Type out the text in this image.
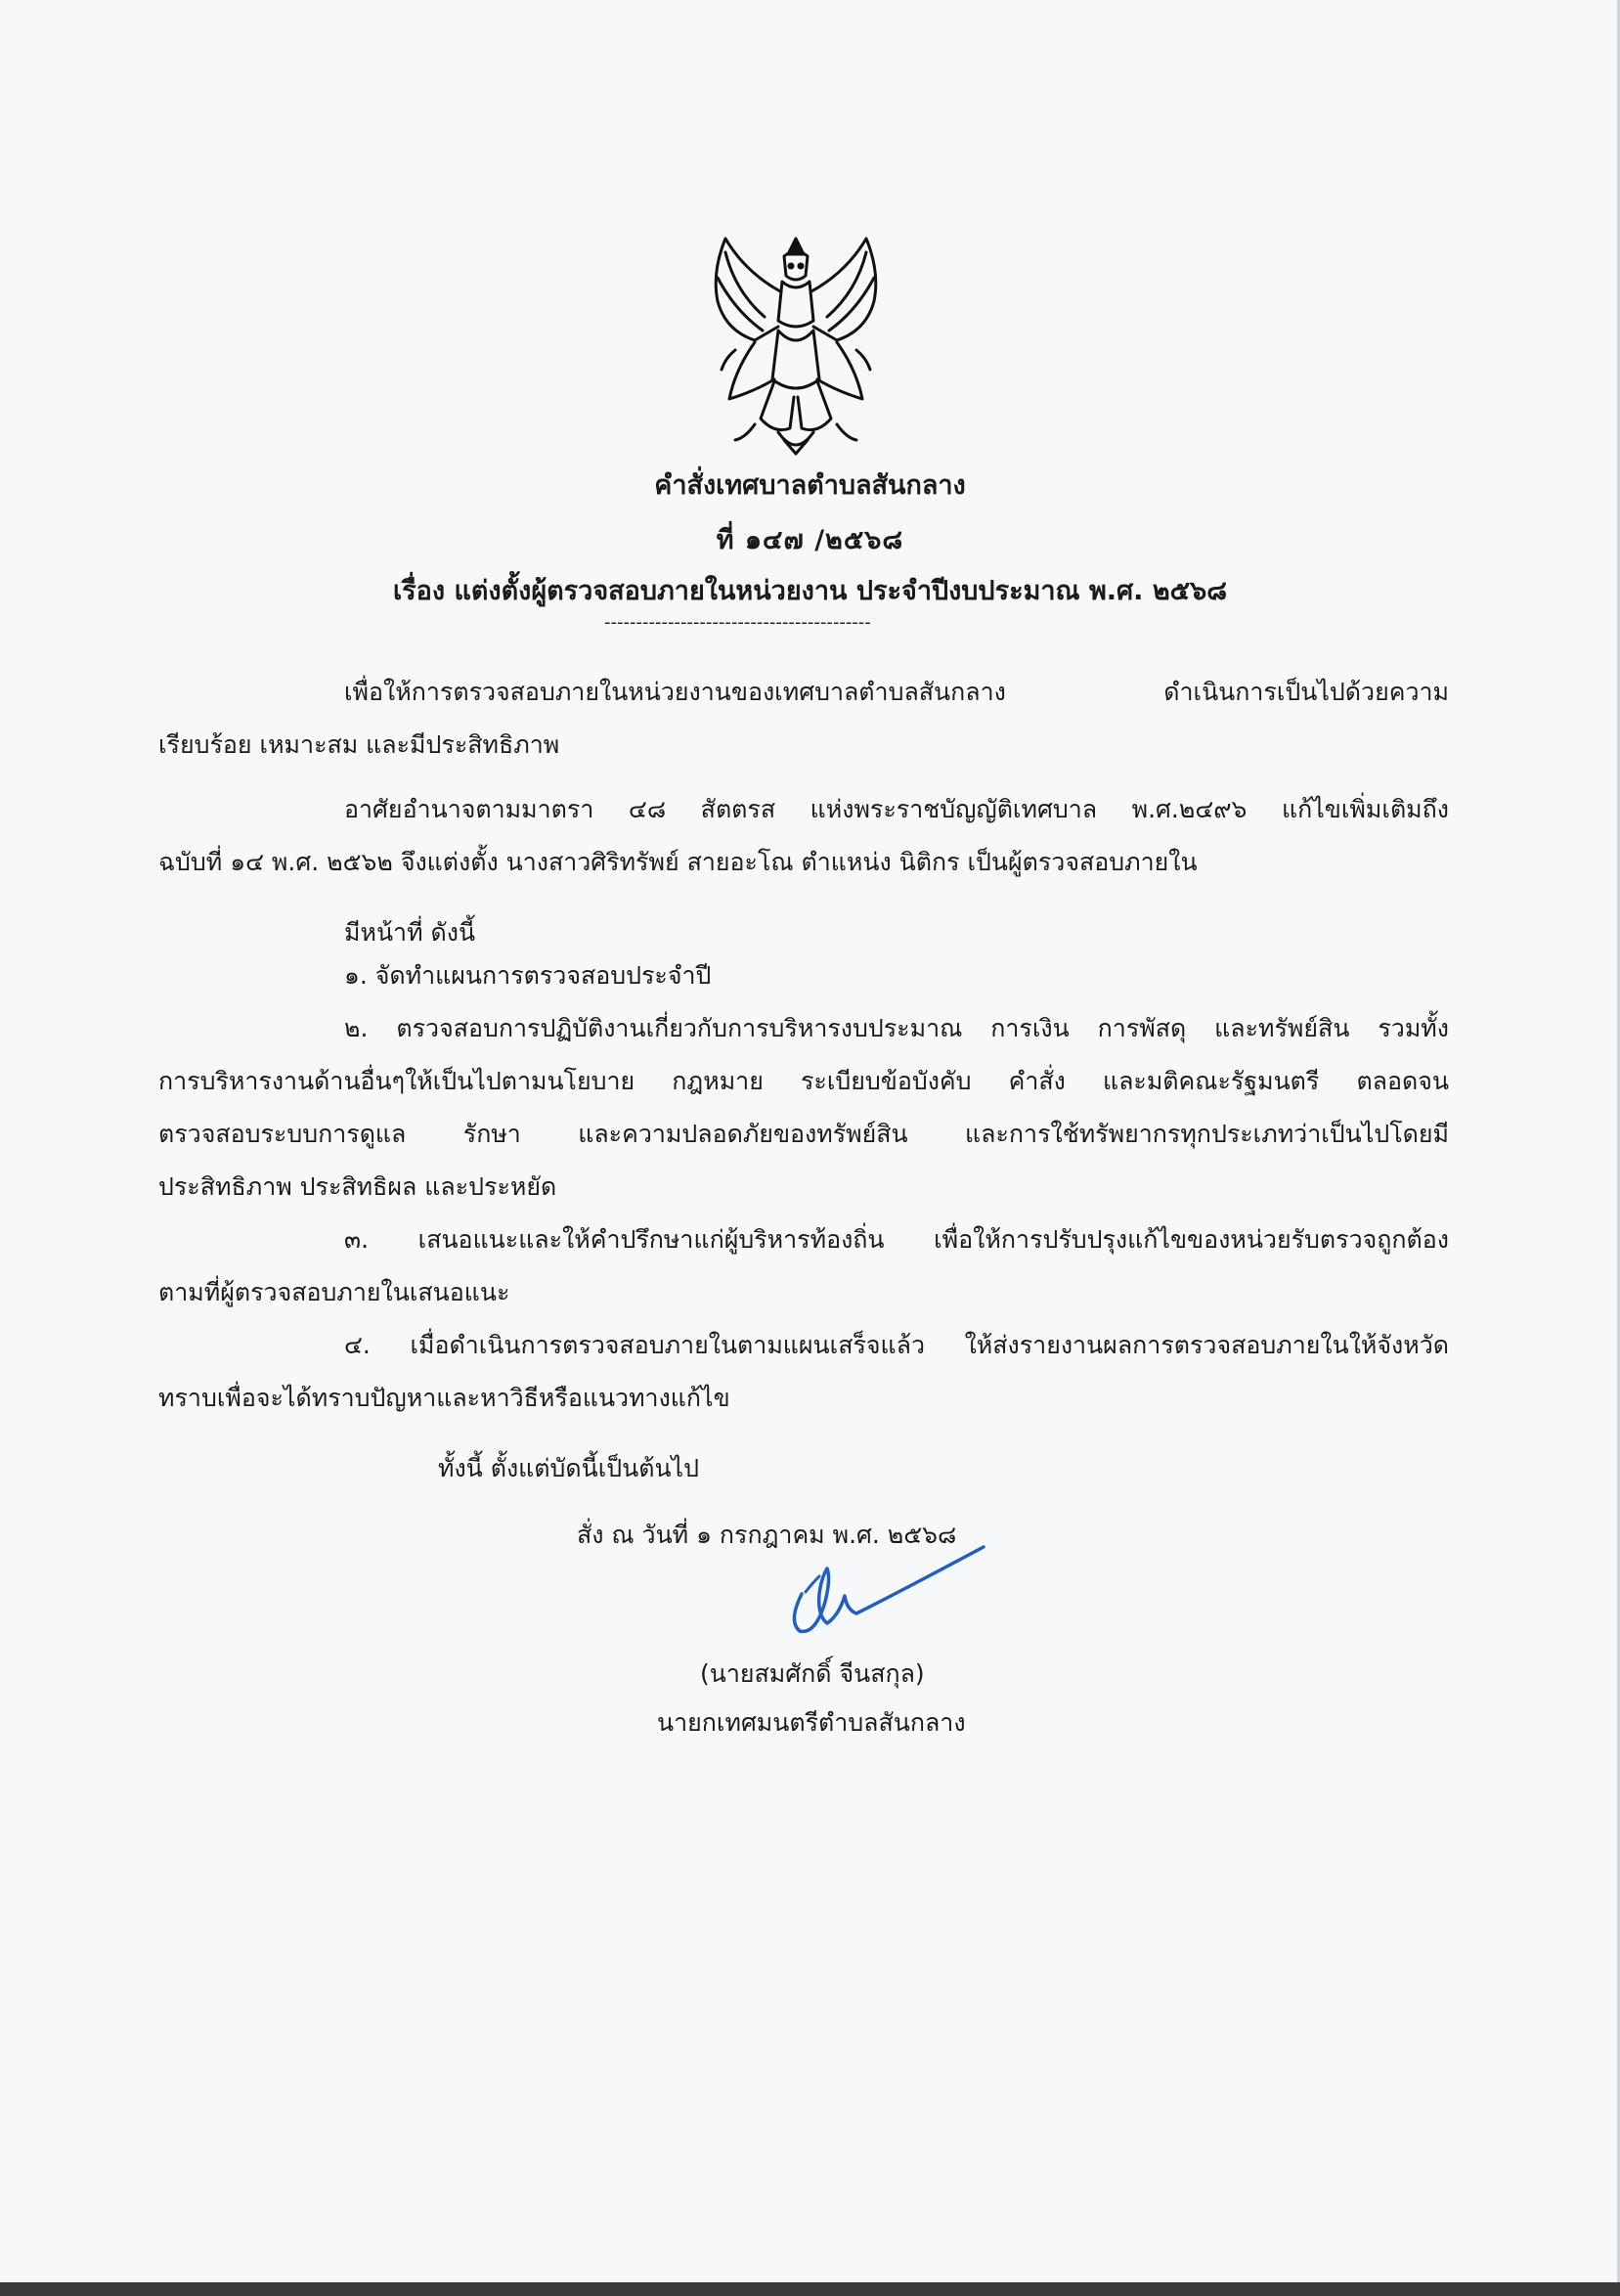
คำสั่งเทศบาลตำบลสันกลาง
ที่ ๑๔๗ /๒๕๖๘
เรื่อง แต่งตั้งผู้ตรวจสอบภายในหน่วยงาน ประจำปีงบประมาณ พ.ศ. ๒๕๖๘
------------------------------------------
เพื่อให้การตรวจสอบภายในหน่วยงานของเทศบาลตำบลสันกลาง ดำเนินการเป็นไปด้วยความ
เรียบร้อย เหมาะสม และมีประสิทธิภาพ
อาศัยอำนาจตามมาตรา ๔๘ สัตตรส แห่งพระราชบัญญัติเทศบาล พ.ศ.๒๔๙๖ แก้ไขเพิ่มเติมถึง
ฉบับที่ ๑๔ พ.ศ. ๒๕๖๒ จึงแต่งตั้ง นางสาวศิริทรัพย์ สายอะโณ ตำแหน่ง นิติกร เป็นผู้ตรวจสอบภายใน
มีหน้าที่ ดังนี้
๑. จัดทำแผนการตรวจสอบประจำปี
๒. ตรวจสอบการปฏิบัติงานเกี่ยวกับการบริหารงบประมาณ การเงิน การพัสดุ และทรัพย์สิน รวมทั้ง
การบริหารงานด้านอื่นๆให้เป็นไปตามนโยบาย กฎหมาย ระเบียบข้อบังคับ คำสั่ง และมติคณะรัฐมนตรี ตลอดจน
ตรวจสอบระบบการดูแล รักษา และความปลอดภัยของทรัพย์สิน และการใช้ทรัพยากรทุกประเภทว่าเป็นไปโดยมี
ประสิทธิภาพ ประสิทธิผล และประหยัด
๓. เสนอแนะและให้คำปรึกษาแก่ผู้บริหารท้องถิ่น เพื่อให้การปรับปรุงแก้ไขของหน่วยรับตรวจถูกต้อง
ตามที่ผู้ตรวจสอบภายในเสนอแนะ
๔. เมื่อดำเนินการตรวจสอบภายในตามแผนเสร็จแล้ว ให้ส่งรายงานผลการตรวจสอบภายในให้จังหวัด
ทราบเพื่อจะได้ทราบปัญหาและหาวิธีหรือแนวทางแก้ไข
ทั้งนี้ ตั้งแต่บัดนี้เป็นต้นไป
สั่ง ณ วันที่ ๑ กรกฎาคม พ.ศ. ๒๕๖๘
(นายสมศักดิ์ จีนสกุล)
นายกเทศมนตรีตำบลสันกลาง
